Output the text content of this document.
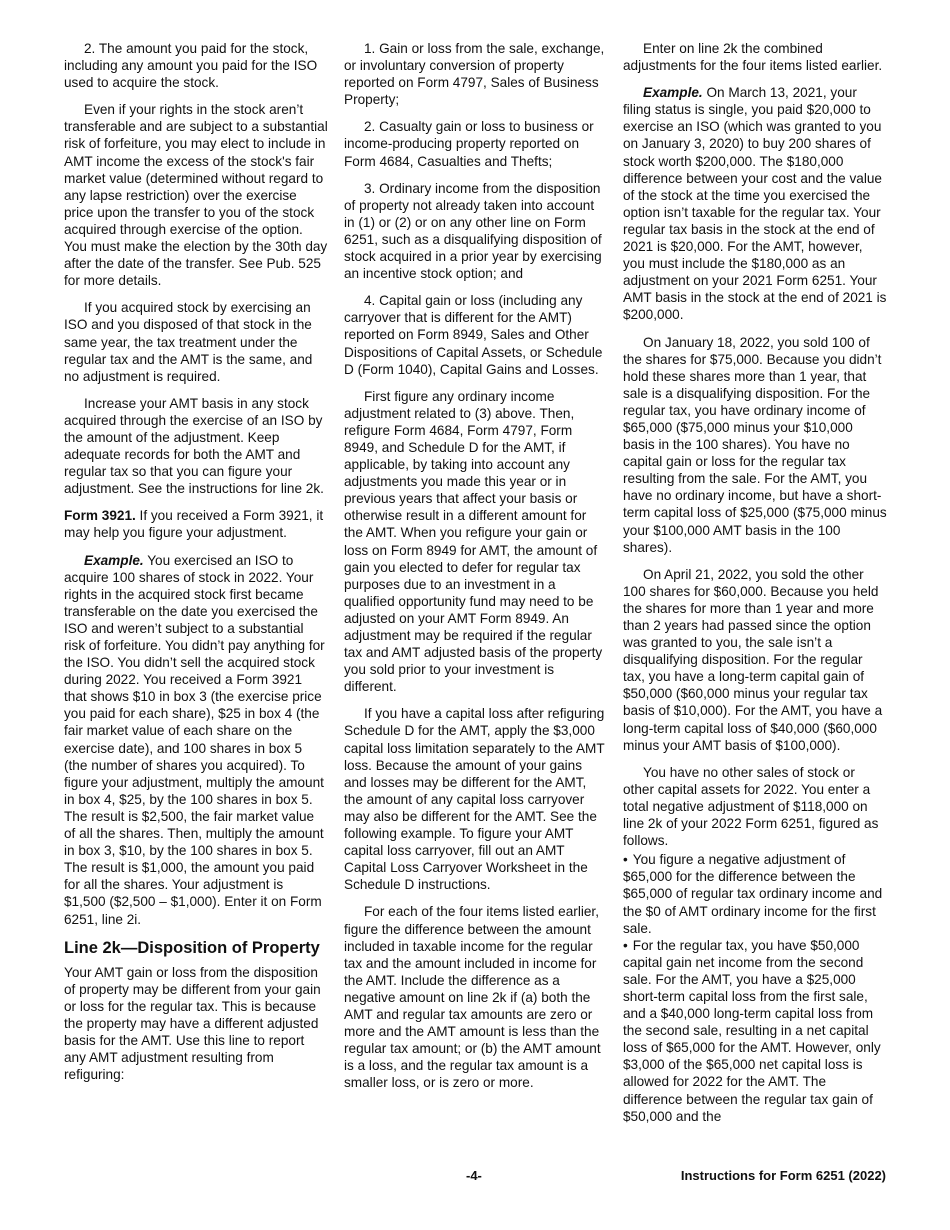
2. The amount you paid for the stock, including any amount you paid for the ISO used to acquire the stock.

Even if your rights in the stock aren’t transferable and are subject to a substantial risk of forfeiture, you may elect to include in AMT income the excess of the stock's fair market value (determined without regard to any lapse restriction) over the exercise price upon the transfer to you of the stock acquired through exercise of the option. You must make the election by the 30th day after the date of the transfer. See Pub. 525 for more details.

If you acquired stock by exercising an ISO and you disposed of that stock in the same year, the tax treatment under the regular tax and the AMT is the same, and no adjustment is required.

Increase your AMT basis in any stock acquired through the exercise of an ISO by the amount of the adjustment. Keep adequate records for both the AMT and regular tax so that you can figure your adjustment. See the instructions for line 2k.

Form 3921. If you received a Form 3921, it may help you figure your adjustment.

Example. You exercised an ISO to acquire 100 shares of stock in 2022. Your rights in the acquired stock first became transferable on the date you exercised the ISO and weren’t subject to a substantial risk of forfeiture. You didn’t pay anything for the ISO. You didn’t sell the acquired stock during 2022. You received a Form 3921 that shows $10 in box 3 (the exercise price you paid for each share), $25 in box 4 (the fair market value of each share on the exercise date), and 100 shares in box 5 (the number of shares you acquired). To figure your adjustment, multiply the amount in box 4, $25, by the 100 shares in box 5. The result is $2,500, the fair market value of all the shares. Then, multiply the amount in box 3, $10, by the 100 shares in box 5. The result is $1,000, the amount you paid for all the shares. Your adjustment is $1,500 ($2,500 – $1,000). Enter it on Form 6251, line 2i.

Line 2k—Disposition of Property

Your AMT gain or loss from the disposition of property may be different from your gain or loss for the regular tax. This is because the property may have a different adjusted basis for the AMT. Use this line to report any AMT adjustment resulting from refiguring:

1. Gain or loss from the sale, exchange, or involuntary conversion of property reported on Form 4797, Sales of Business Property;

2. Casualty gain or loss to business or income-producing property reported on Form 4684, Casualties and Thefts;

3. Ordinary income from the disposition of property not already taken into account in (1) or (2) or on any other line on Form 6251, such as a disqualifying disposition of stock acquired in a prior year by exercising an incentive stock option; and

4. Capital gain or loss (including any carryover that is different for the AMT) reported on Form 8949, Sales and Other Dispositions of Capital Assets, or Schedule D (Form 1040), Capital Gains and Losses.

First figure any ordinary income adjustment related to (3) above. Then, refigure Form 4684, Form 4797, Form 8949, and Schedule D for the AMT, if applicable, by taking into account any adjustments you made this year or in previous years that affect your basis or otherwise result in a different amount for the AMT. When you refigure your gain or loss on Form 8949 for AMT, the amount of gain you elected to defer for regular tax purposes due to an investment in a qualified opportunity fund may need to be adjusted on your AMT Form 8949. An adjustment may be required if the regular tax and AMT adjusted basis of the property you sold prior to your investment is different.

If you have a capital loss after refiguring Schedule D for the AMT, apply the $3,000 capital loss limitation separately to the AMT loss. Because the amount of your gains and losses may be different for the AMT, the amount of any capital loss carryover may also be different for the AMT. See the following example. To figure your AMT capital loss carryover, fill out an AMT Capital Loss Carryover Worksheet in the Schedule D instructions.

For each of the four items listed earlier, figure the difference between the amount included in taxable income for the regular tax and the amount included in income for the AMT. Include the difference as a negative amount on line 2k if (a) both the AMT and regular tax amounts are zero or more and the AMT amount is less than the regular tax amount; or (b) the AMT amount is a loss, and the regular tax amount is a smaller loss, or is zero or more.

Enter on line 2k the combined adjustments for the four items listed earlier.

Example. On March 13, 2021, your filing status is single, you paid $20,000 to exercise an ISO (which was granted to you on January 3, 2020) to buy 200 shares of stock worth $200,000. The $180,000 difference between your cost and the value of the stock at the time you exercised the option isn’t taxable for the regular tax. Your regular tax basis in the stock at the end of 2021 is $20,000. For the AMT, however, you must include the $180,000 as an adjustment on your 2021 Form 6251. Your AMT basis in the stock at the end of 2021 is $200,000.

On January 18, 2022, you sold 100 of the shares for $75,000. Because you didn’t hold these shares more than 1 year, that sale is a disqualifying disposition. For the regular tax, you have ordinary income of $65,000 ($75,000 minus your $10,000 basis in the 100 shares). You have no capital gain or loss for the regular tax resulting from the sale. For the AMT, you have no ordinary income, but have a short-term capital loss of $25,000 ($75,000 minus your $100,000 AMT basis in the 100 shares).

On April 21, 2022, you sold the other 100 shares for $60,000. Because you held the shares for more than 1 year and more than 2 years had passed since the option was granted to you, the sale isn’t a disqualifying disposition. For the regular tax, you have a long-term capital gain of $50,000 ($60,000 minus your regular tax basis of $10,000). For the AMT, you have a long-term capital loss of $40,000 ($60,000 minus your AMT basis of $100,000).

You have no other sales of stock or other capital assets for 2022. You enter a total negative adjustment of $118,000 on line 2k of your 2022 Form 6251, figured as follows.

• You figure a negative adjustment of $65,000 for the difference between the $65,000 of regular tax ordinary income and the $0 of AMT ordinary income for the first sale.
• For the regular tax, you have $50,000 capital gain net income from the second sale. For the AMT, you have a $25,000 short-term capital loss from the first sale, and a $40,000 long-term capital loss from the second sale, resulting in a net capital loss of $65,000 for the AMT. However, only $3,000 of the $65,000 net capital loss is allowed for 2022 for the AMT. The difference between the regular tax gain of $50,000 and the
-4-	Instructions for Form 6251 (2022)
